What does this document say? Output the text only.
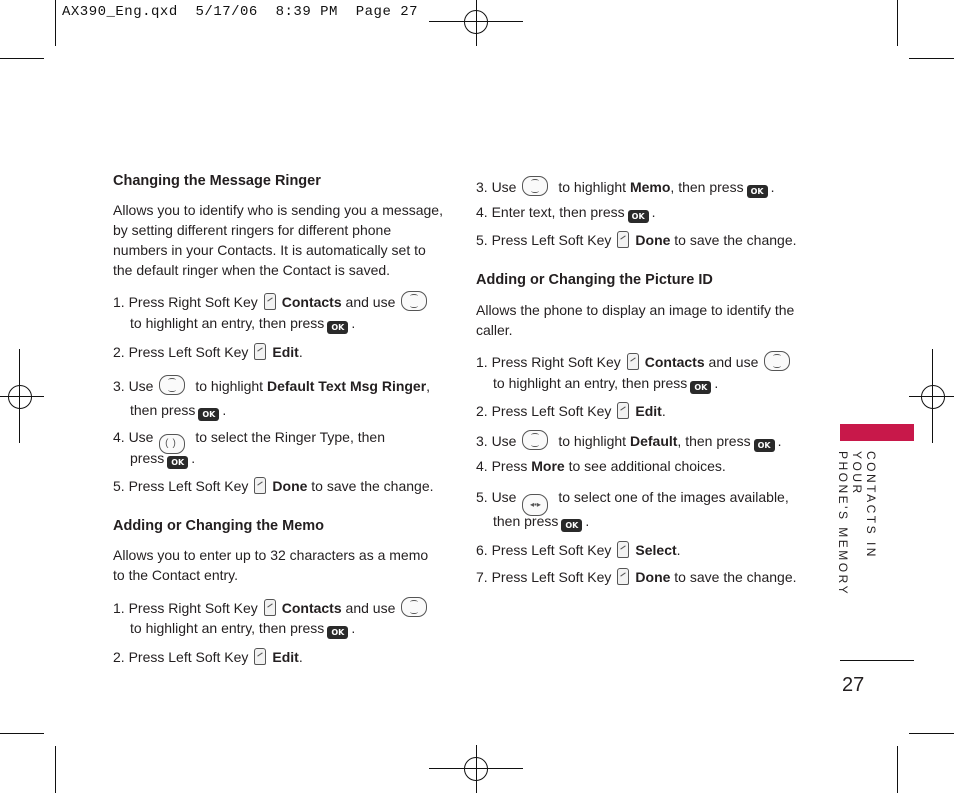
AX390_Eng.qxd  5/17/06  8:39 PM  Page 27

Changing the Message Ringer

Allows you to identify who is sending you a message, by setting different ringers for different phone numbers in your Contacts. It is automatically set to the default ringer when the Contact is saved.

1. Press Right Soft Key Contacts and use
to highlight an entry, then press OK .
2. Press Left Soft Key Edit.
3. Use	to highlight Default Text Msg Ringer,
then press OK .
4. Use () to select the Ringer Type, then
press OK .
5. Press Left Soft Key Done to save the change.

Adding or Changing the Memo

Allows you to enter up to 32 characters as a memo to the Contact entry.

1. Press Right Soft Key Contacts and use
to highlight an entry, then press OK .
2. Press Left Soft Key Edit.
3. Use	to highlight Memo, then press OK .
4. Enter text, then press OK .
5. Press Left Soft Key Done to save the change.

Adding or Changing the Picture ID

Allows the phone to display an image to identify the caller.

1. Press Right Soft Key Contacts and use
to highlight an entry, then press OK .
2. Press Left Soft Key Edit.
3. Use	to highlight Default, then press OK .
4. Press More to see additional choices.
5. Use ◂▪▸ to select one of the images available,
then press OK .
6. Press Left Soft Key Select.
7. Press Left Soft Key Done to save the change.
CONTACTS IN YOUR
PHONE'S MEMORY
27
